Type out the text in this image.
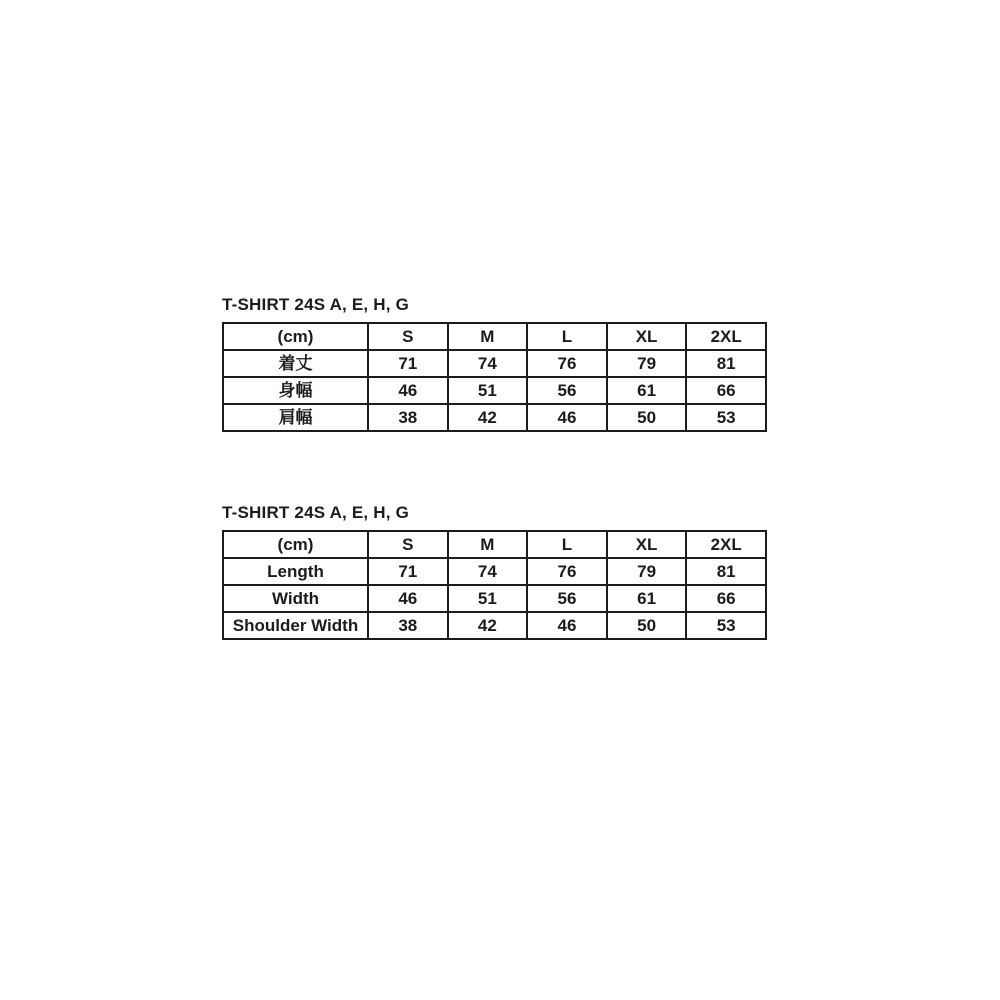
T-SHIRT 24S A, E, H, G
(cm)	S	M	L	XL	2XL
着丈	71	74	76	79	81
身幅	46	51	56	61	66
肩幅	38	42	46	50	53
T-SHIRT 24S A, E, H, G
(cm)	S	M	L	XL	2XL
Length	71	74	76	79	81
Width	46	51	56	61	66
Shoulder Width	38	42	46	50	53
